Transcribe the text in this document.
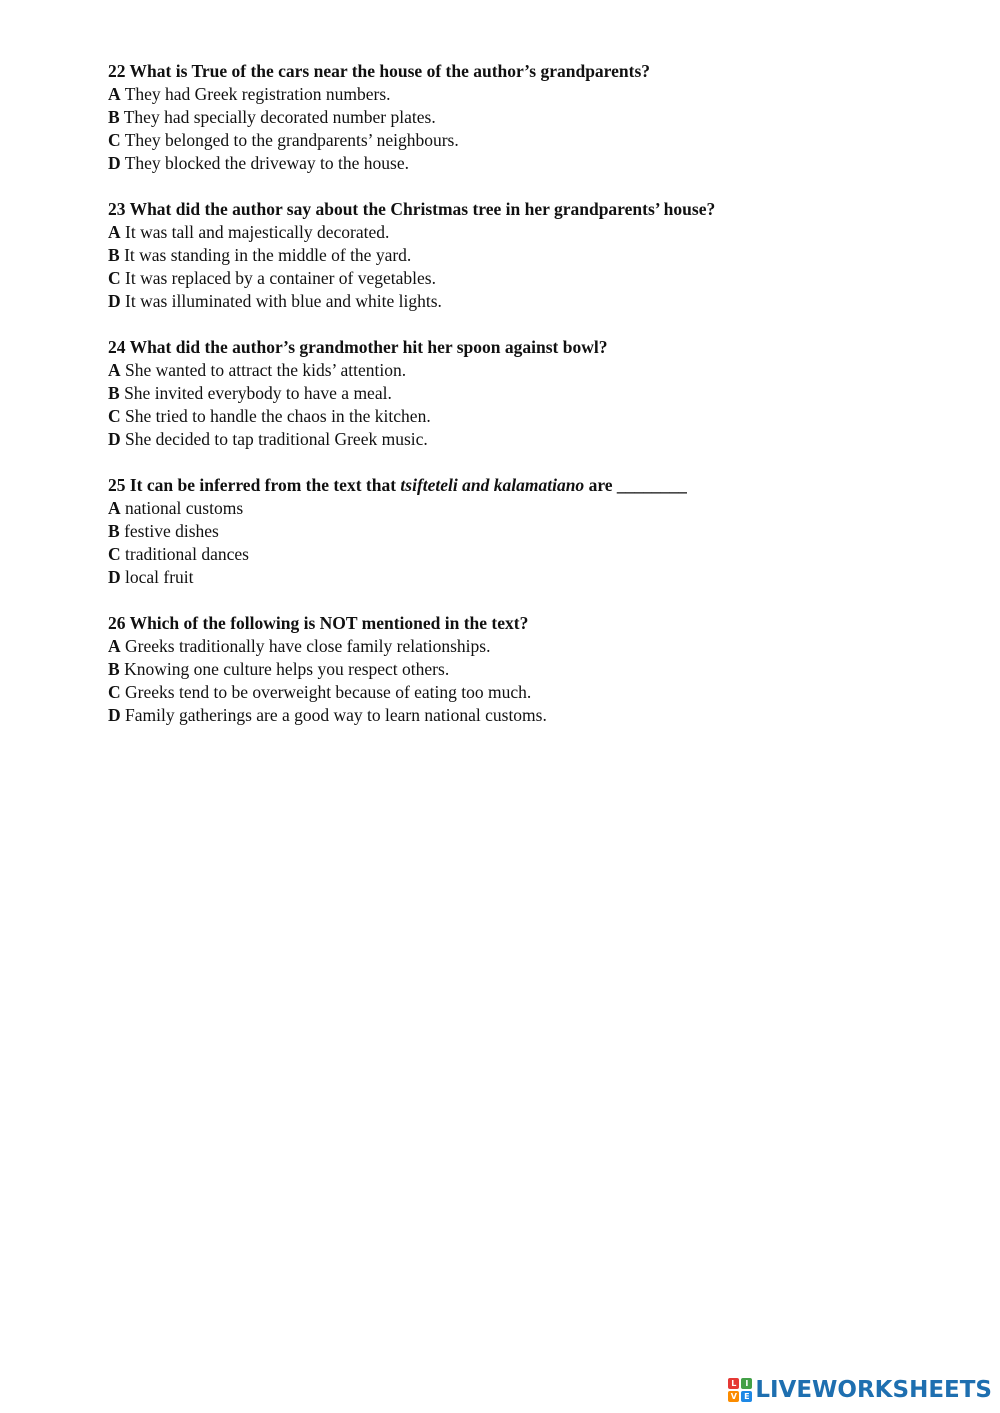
22 What is True of the cars near the house of the author’s grandparents?
A They had Greek registration numbers.
B They had specially decorated number plates.
C They belonged to the grandparents’ neighbours.
D They blocked the driveway to the house.
23 What did the author say about the Christmas tree in her grandparents’ house?
A It was tall and majestically decorated.
B It was standing in the middle of the yard.
C It was replaced by a container of vegetables.
D It was illuminated with blue and white lights.
24 What did the author’s grandmother hit her spoon against bowl?
A She wanted to attract the kids’ attention.
B She invited everybody to have a meal.
C She tried to handle the chaos in the kitchen.
D She decided to tap traditional Greek music.
25 It can be inferred from the text that tsifteteli and kalamatiano are ________
A national customs
B festive dishes
C traditional dances
D local fruit
26 Which of the following is NOT mentioned in the text?
A Greeks traditionally have close family relationships.
B Knowing one culture helps you respect others.
C Greeks tend to be overweight because of eating too much.
D Family gatherings are a good way to learn national customs.
L	I
V E LIVEWORKSHEETS
